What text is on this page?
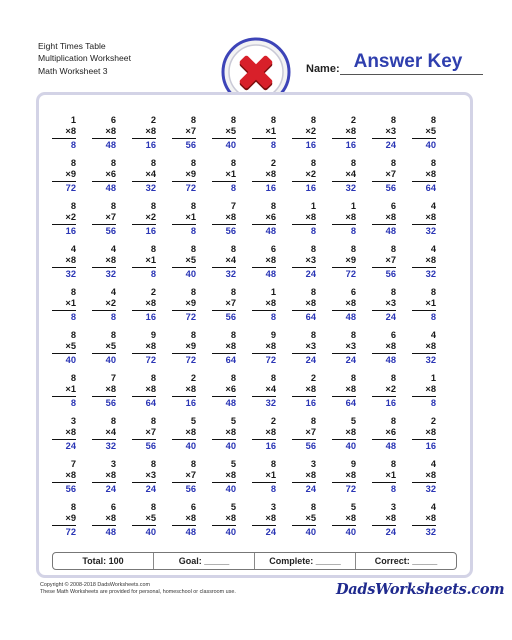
Eight Times Table
Multiplication Worksheet
Math Worksheet 3	Name: Answer Key
1
×8
8
6
×8
48
2
×8
16
8
×7
56
8
×5
40
8
×1
8
8
×2
16
2
×8
16
8
×3
24
8
×5
40
8
×9
72
8
×6
48
8
×4
32
8
×9
72
8
×1
8
2
×8
16
8
×2
16
8
×4
32
8
×7
56
8
×8
64
8
×2
16
8
×7
56
8
×2
16
8
×1
8
7
×8
56
8
×6
48
1
×8
8
1
×8
8
6
×8
48
4
×8
32
4
×8
32
4
×8
32
8
×1
8
8
×5
40
8
×4
32
6
×8
48
8
×3
24
8
×9
72
8
×7
56
4
×8
32
8
×1
8
4
×2
8
2
×8
16
8
×9
72
8
×7
56
1
×8
8
8
×8
64
6
×8
48
8
×3
24
8
×1
8
8
×5
40
8
×5
40
9
×8
72
8
×9
72
8
×8
64
9
×8
72
8
×3
24
8
×3
24
6
×8
48
4
×8
32
8
×1
8
7
×8
56
8
×8
64
2
×8
16
8
×6
48
8
×4
32
2
×8
16
8
×8
64
8
×2
16
1
×8
8
3
×8
24
8
×4
32
8
×7
56
5
×8
40
5
×8
40
2
×8
16
8
×7
56
5
×8
40
8
×6
48
2
×8
16
7
×8
56
3
×8
24
8
×3
24
8
×7
56
5
×8
40
8
×1
8
3
×8
24
9
×8
72
8
×1
8
4
×8
32
8
×9
72
6
×8
48
8
×5
40
6
×8
48
5
×8
40
3
×8
24
8
×5
40
5
×8
40
3
×8
24
4
×8
32
Total: 100	Goal: _____	Complete: _____	Correct: _____
Copyright © 2008-2018 DadsWorksheets.com
These Math Worksheets are provided for personal, homeschool or classroom use.	DadsWorksheets.com
